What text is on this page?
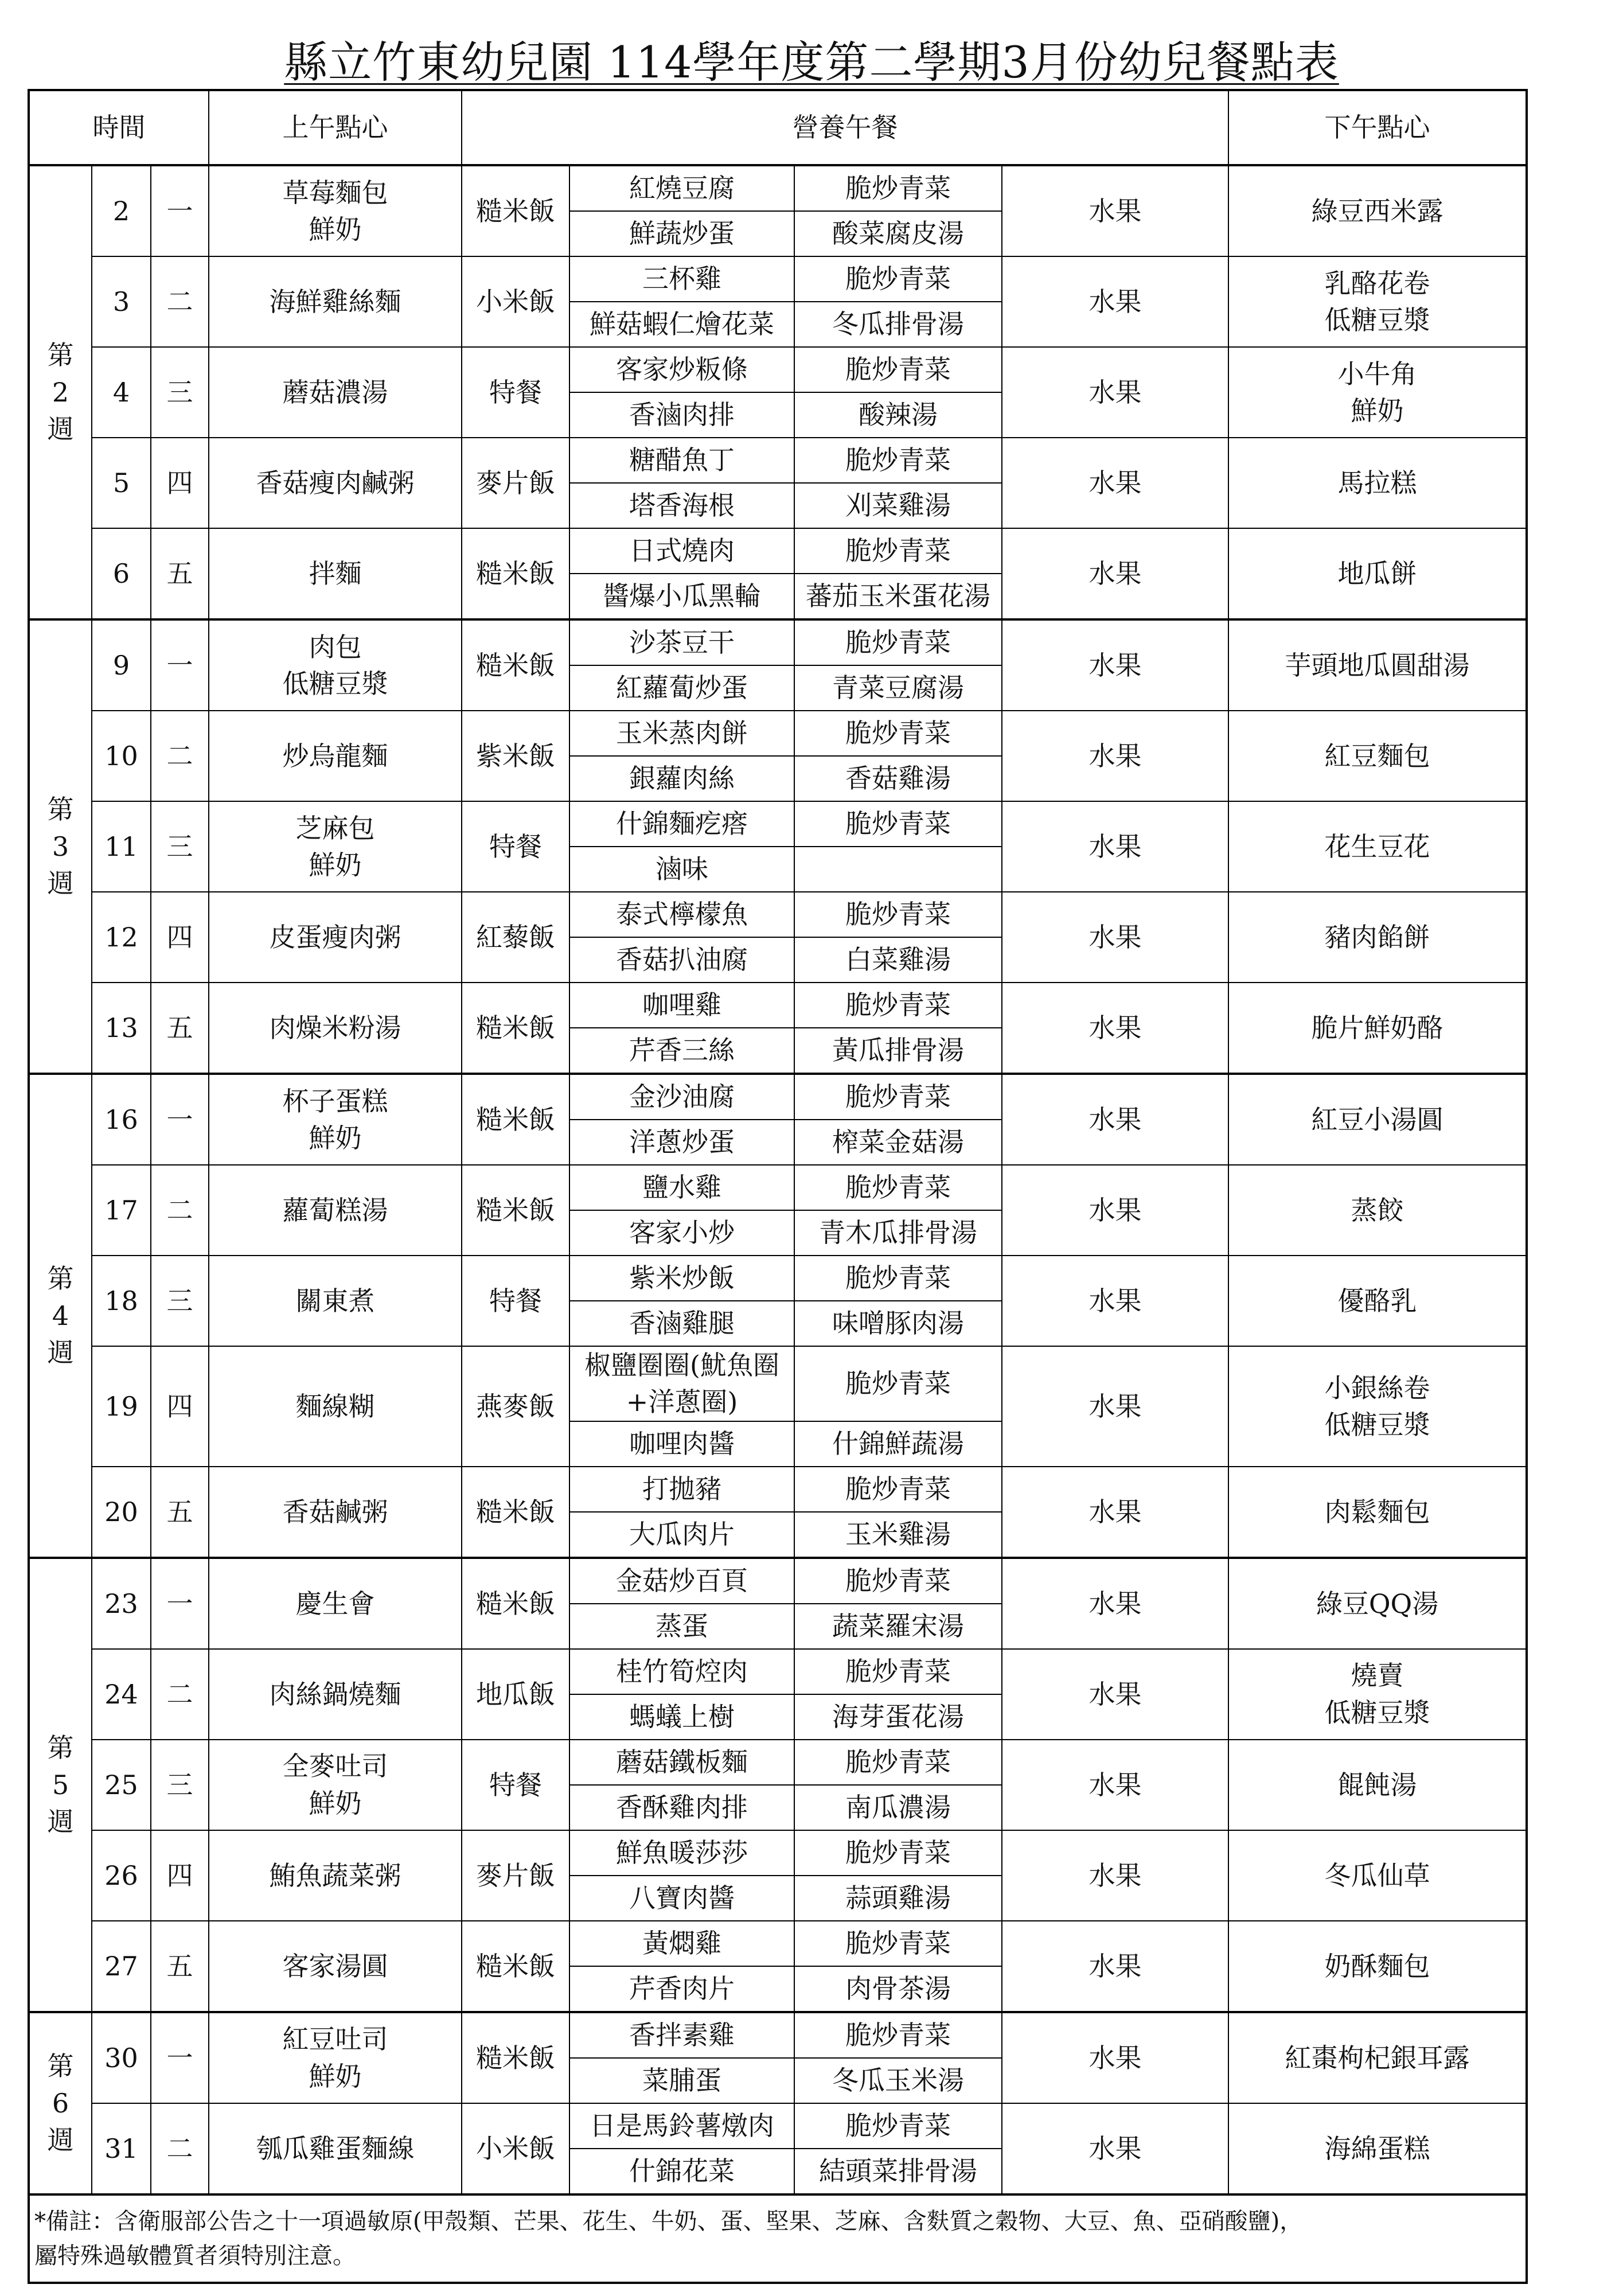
縣立竹東幼兒園 114學年度第二學期3月份幼兒餐點表
時間			上午點心	營養午餐				下午點心
第
2
週	2	一	草莓麵包
鮮奶	糙米飯	紅燒豆腐	脆炒青菜	水果	綠豆西米露
					鮮蔬炒蛋	酸菜腐皮湯		
	3	二	海鮮雞絲麵	小米飯	三杯雞	脆炒青菜	水果	乳酪花卷
低糖豆漿
					鮮菇蝦仁燴花菜	冬瓜排骨湯		
	4	三	蘑菇濃湯	特餐	客家炒粄條	脆炒青菜	水果	小牛角
鮮奶
					香滷肉排	酸辣湯		
	5	四	香菇瘦肉鹹粥	麥片飯	糖醋魚丁	脆炒青菜	水果	馬拉糕
					塔香海根	刈菜雞湯		
	6	五	拌麵	糙米飯	日式燒肉	脆炒青菜	水果	地瓜餅
					醬爆小瓜黑輪	蕃茄玉米蛋花湯		
第
3
週	9	一	肉包
低糖豆漿	糙米飯	沙茶豆干	脆炒青菜	水果	芋頭地瓜圓甜湯
					紅蘿蔔炒蛋	青菜豆腐湯		
	10	二	炒烏龍麵	紫米飯	玉米蒸肉餅	脆炒青菜	水果	紅豆麵包
					銀蘿肉絲	香菇雞湯		
	11	三	芝麻包
鮮奶	特餐	什錦麵疙瘩	脆炒青菜	水果	花生豆花
					滷味			
	12	四	皮蛋瘦肉粥	紅藜飯	泰式檸檬魚	脆炒青菜	水果	豬肉餡餅
					香菇扒油腐	白菜雞湯		
	13	五	肉燥米粉湯	糙米飯	咖哩雞	脆炒青菜	水果	脆片鮮奶酪
					芹香三絲	黃瓜排骨湯		
第
4
週	16	一	杯子蛋糕
鮮奶	糙米飯	金沙油腐	脆炒青菜	水果	紅豆小湯圓
					洋蔥炒蛋	榨菜金菇湯		
	17	二	蘿蔔糕湯	糙米飯	鹽水雞	脆炒青菜	水果	蒸餃
					客家小炒	青木瓜排骨湯		
	18	三	關東煮	特餐	紫米炒飯	脆炒青菜	水果	優酪乳
					香滷雞腿	味噌豚肉湯		
	19	四	麵線糊	燕麥飯	椒鹽圈圈(魷魚圈+洋蔥圈)	脆炒青菜	水果	小銀絲卷
低糖豆漿
					咖哩肉醬	什錦鮮蔬湯		
	20	五	香菇鹹粥	糙米飯	打拋豬	脆炒青菜	水果	肉鬆麵包
					大瓜肉片	玉米雞湯		
第
5
週	23	一	慶生會	糙米飯	金菇炒百頁	脆炒青菜	水果	綠豆QQ湯
					蒸蛋	蔬菜羅宋湯		
	24	二	肉絲鍋燒麵	地瓜飯	桂竹筍焢肉	脆炒青菜	水果	燒賣
低糖豆漿
					螞蟻上樹	海芽蛋花湯		
	25	三	全麥吐司
鮮奶	特餐	蘑菇鐵板麵	脆炒青菜	水果	餛飩湯
					香酥雞肉排	南瓜濃湯		
	26	四	鮪魚蔬菜粥	麥片飯	鮮魚暖莎莎	脆炒青菜	水果	冬瓜仙草
					八寶肉醬	蒜頭雞湯		
	27	五	客家湯圓	糙米飯	黃燜雞	脆炒青菜	水果	奶酥麵包
					芹香肉片	肉骨茶湯		
第
6
週	30	一	紅豆吐司
鮮奶	糙米飯	香拌素雞	脆炒青菜	水果	紅棗枸杞銀耳露
					菜脯蛋	冬瓜玉米湯		
	31	二	瓠瓜雞蛋麵線	小米飯	日是馬鈴薯燉肉	脆炒青菜	水果	海綿蛋糕
					什錦花菜	結頭菜排骨湯		

*備註：含衛服部公告之十一項過敏原(甲殼類、芒果、花生、牛奶、蛋、堅果、芝麻、含麩質之穀物、大豆、魚、亞硝酸鹽)，
屬特殊過敏體質者須特別注意。								
